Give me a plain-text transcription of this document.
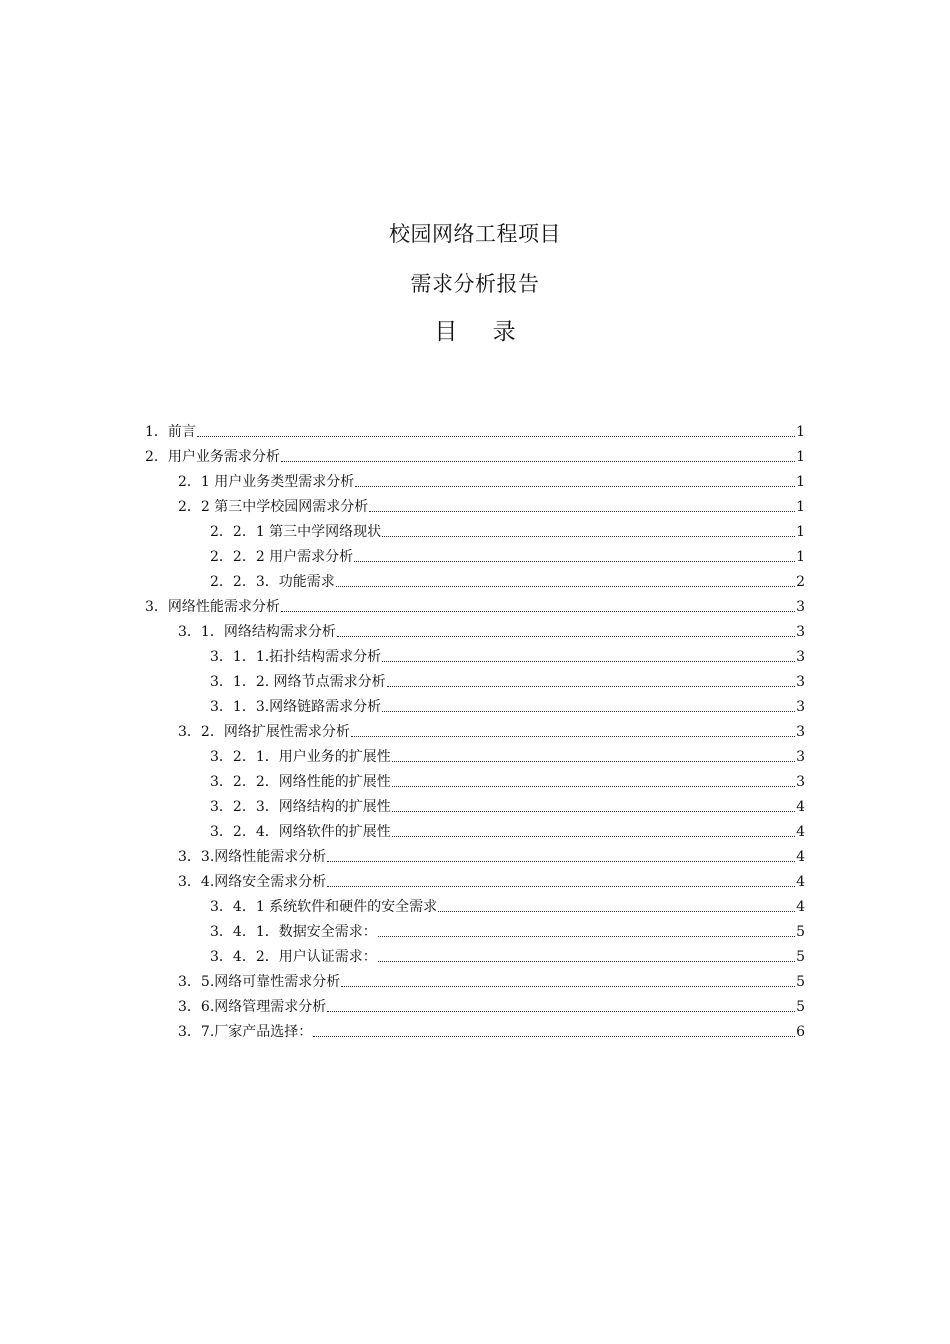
校园网络工程项目
需求分析报告
目 录
1．前言	1
2．用户业务需求分析	1
2．1 用户业务类型需求分析	1
2．2 第三中学校园网需求分析	1
2．2．1 第三中学网络现状	1
2．2．2 用户需求分析	1
2．2．3．功能需求	2
3．网络性能需求分析	3
3．1．网络结构需求分析	3
3．1．1.拓扑结构需求分析	3
3．1．2. 网络节点需求分析	3
3．1．3.网络链路需求分析	3
3．2．网络扩展性需求分析	3
3．2．1．用户业务的扩展性	3
3．2．2．网络性能的扩展性	3
3．2．3．网络结构的扩展性	4
3．2．4．网络软件的扩展性	4
3．3.网络性能需求分析	4
3．4.网络安全需求分析	4
3．4．1 系统软件和硬件的安全需求	4
3．4．1．数据安全需求：	5
3．4．2．用户认证需求：	5
3．5.网络可靠性需求分析	5
3．6.网络管理需求分析	5
3．7.厂家产品选择：	6
